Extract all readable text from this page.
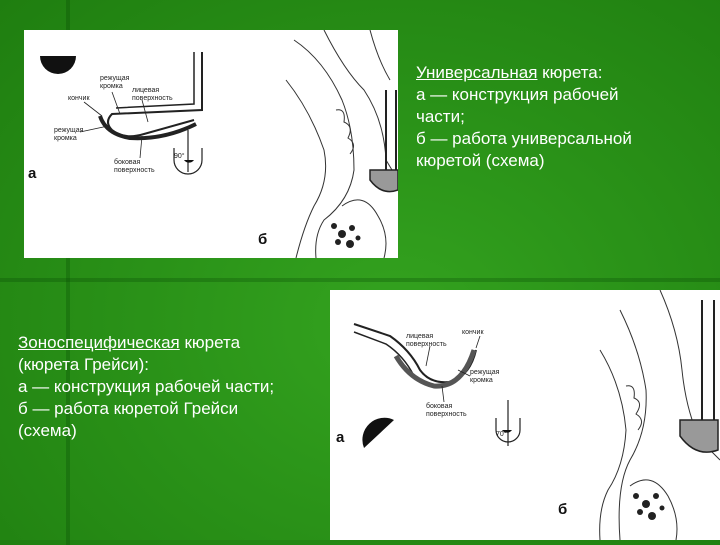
90°
режущая кромка
кончик
лицевая поверхность
режущая кромка
боковая поверхность
а
б
Универсальная кюрета:
а — конструкция рабочей
части;
б — работа универсальной
кюретой (схема)
Зоноспецифическая кюрета
(кюрета Грейси):
а — конструкция рабочей части;
б — работа кюретой Грейси
(схема)	70°
кончик
лицевая поверхность
режущая кромка
боковая поверхность
а
б
